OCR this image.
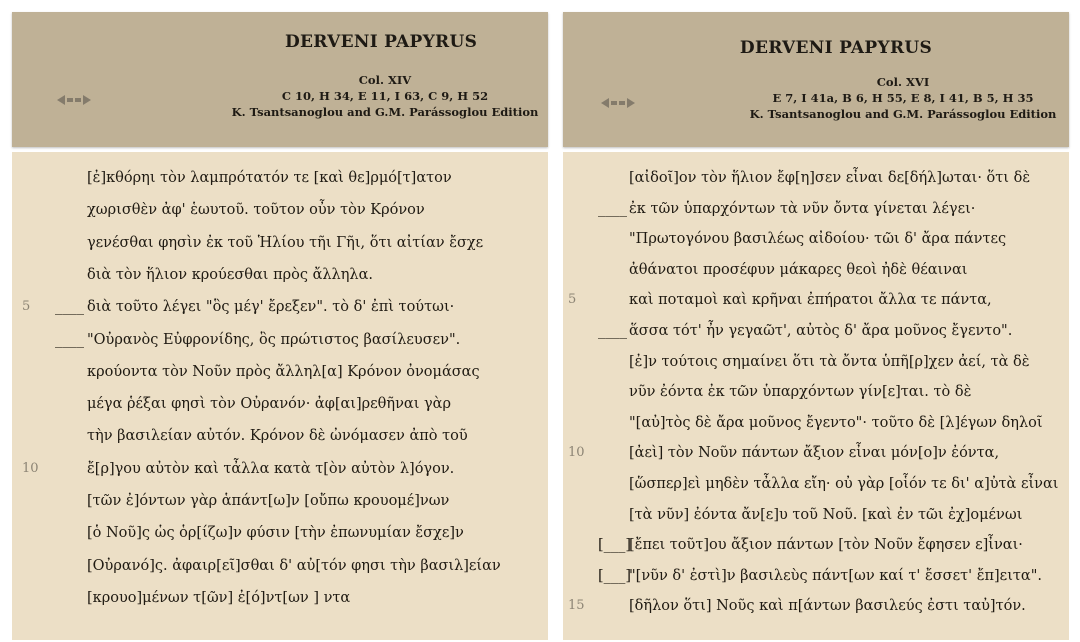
DERVENI PAPYRUS
Col. XIV
C 10, H 34, E 11, I 63, C 9, H 52
K. Tsantsanoglou and G.M. Parássoglou Edition
[ἐ]κθόρηι τὸν λαμπρότατόν τε [καὶ θε]ρμό[τ]ατον
χωρισθὲν ἀφ' ἑωυτοῦ. τοῦτον οὖν τὸν Κρόνον
γενέσθαι φησὶν ἐκ τοῦ Ἡλίου τῆι Γῆι, ὅτι αἰτίαν ἔσχε
διὰ τὸν ἥλιον κρούεσθαι πρὸς ἄλληλα.
5	____ διὰ τοῦτο λέγει "ὃς μέγ' ἔρεξεν". τὸ δ' ἐπὶ τούτωι·
____ "Οὐρανὸς Εὐφρονίδης, ὃς πρώτιστος βασίλευσεν".
κρούοντα τὸν Νοῦν πρὸς ἄλληλ[α] Κρόνον ὀνομάσας
μέγα ῥέξαι φησὶ τὸν Οὐρανόν· ἀφ[αι]ρεθῆναι γὰρ
τὴν βασιλείαν αὐτόν. Κρόνον δὲ ὠνόμασεν ἀπὸ τοῦ
10	ἔ[ρ]γου αὐτὸν καὶ τἆλλα κατὰ τ[ὸν αὐτὸν λ]όγον.
[τῶν ἐ]όντων γὰρ ἁπάντ[ω]ν [οὔπω κρουομέ]νων
[ὁ Νοῦ]ς ὡς ὁρ[ίζω]ν φύσιν [τὴν ἐπωνυμίαν ἔσχε]ν
[Οὐρανό]ς. ἀφαιρ[εῖ]σθαι δ' αὐ[τόν φησι τὴν βασιλ]είαν
[κρουο]μένων τ[ῶν] ἐ[ό]ντ[ων ] ντα
DERVENI PAPYRUS
Col. XVI
E 7, I 41a, B 6, H 55, E 8, I 41, B 5, H 35
K. Tsantsanoglou and G.M. Parássoglou Edition
[αἰδοῖ]ον τὸν ἥλιον ἔφ[η]σεν εἶναι δε[δήλ]ωται· ὅτι δὲ
____ ἐκ τῶν ὑπαρχόντων τὰ νῦν ὄντα γίνεται λέγει·
"Πρωτογόνου βασιλέως αἰδοίου· τῶι δ' ἄρα πάντες
ἀθάνατοι προσέφυν μάκαρες θεοὶ ἠδὲ θέαιναι
5	καὶ ποταμοὶ καὶ κρῆναι ἐπήρατοι ἄλλα τε πάντα,
____ ἅσσα τότ' ἦν γεγαῶτ', αὐτὸς δ' ἄρα μοῦνος ἔγεντο".
[ἐ]ν τούτοις σημαίνει ὅτι τὰ ὄντα ὑπῆ[ρ]χεν ἀεί, τὰ δὲ
νῦν ἐόντα ἐκ τῶν ὑπαρχόντων γίν[ε]ται. τὸ δὲ
"[αὐ]τὸς δὲ ἄρα μοῦνος ἔγεντο"· τοῦτο δὲ [λ]έγων δηλοῖ
10	[ἀεὶ] τὸν Νοῦν πάντων ἄξιον εἶναι μόν[ο]ν ἐόντα,
[ὥσπερ]εὶ μηδὲν τἆλλα εἴη· οὐ γὰρ [οἷόν τε δι' α]ὐτὰ εἶναι
[τὰ νῦν] ἐόντα ἄν[ε]υ τοῦ Νοῦ. [καὶ ἐν τῶι ἐχ]ομένωι
[___]
[ἔπει τοῦτ]ου ἄξιον πάντων [τὸν Νοῦν ἔφησεν ε]ἶναι·
[___]
"[νῦν δ' ἐστὶ]ν βασιλεὺς πάντ[ων καί τ' ἔσσετ' ἔπ]ειτα".
15	[δῆλον ὅτι] Νοῦς καὶ π[άντων βασιλεύς ἐστι ταὐ]τόν.
